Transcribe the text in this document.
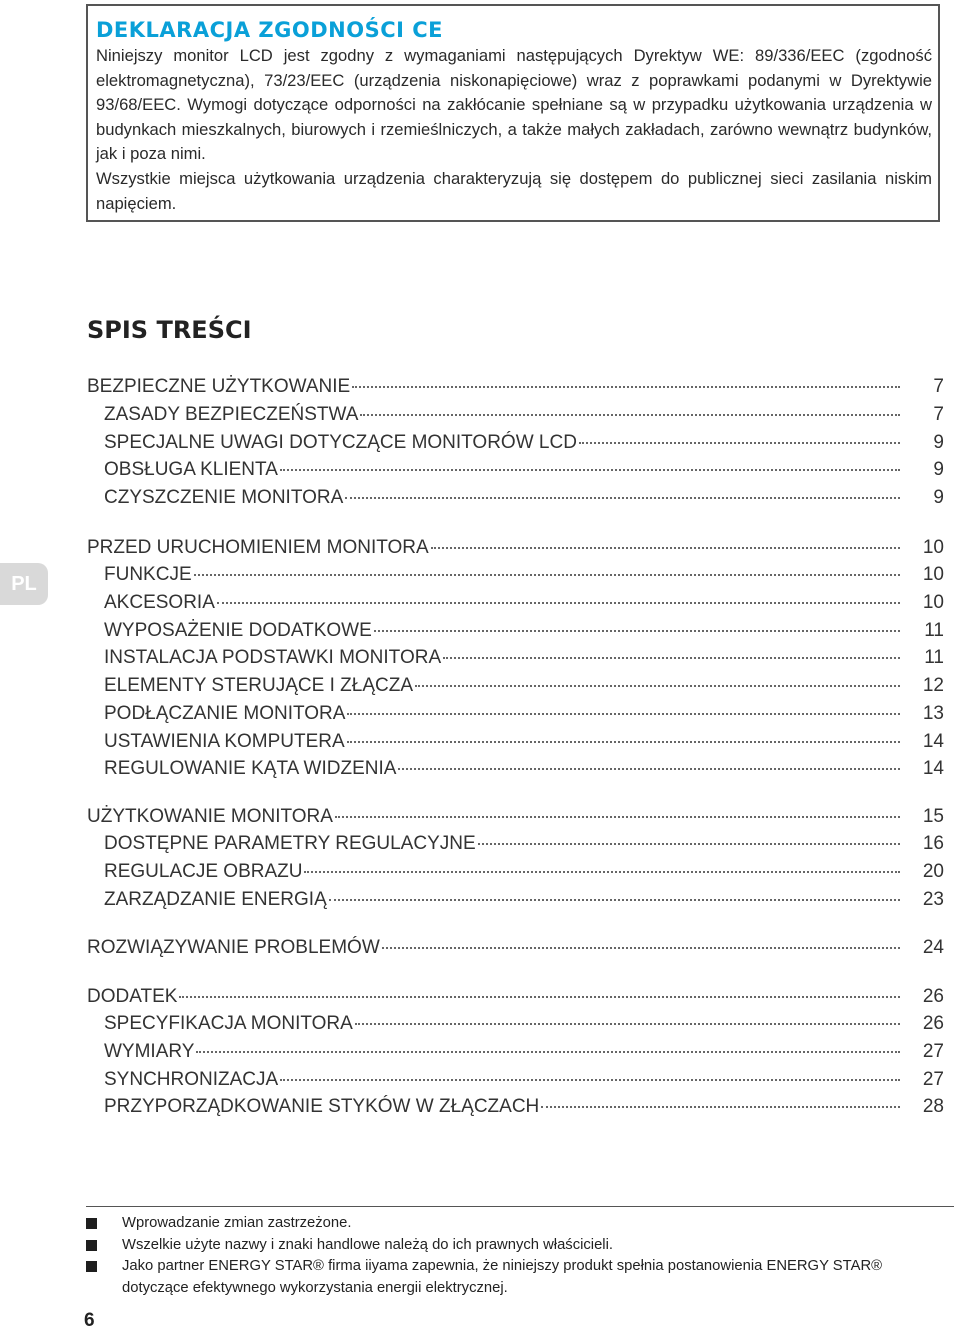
DEKLARACJA ZGODNOŚCI CE

Niniejszy monitor LCD jest zgodny z wymaganiami następujących Dyrektyw WE: 89/336/EEC (zgodność elektromagnetyczna), 73/23/EEC (urządzenia niskonapięciowe) wraz z poprawkami podanymi w Dyrektywie 93/68/EEC. Wymogi dotyczące odporności na zakłócanie spełniane są w przypadku użytkowania urządzenia w budynkach mieszkalnych, biurowych i rzemieślniczych, a także małych zakładach, zarówno wewnątrz budynków, jak i poza nimi.

Wszystkie miejsca użytkowania urządzenia charakteryzują się dostępem do publicznej sieci zasilania niskim napięciem.

SPIS TREŚCI
BEZPIECZNE UŻYTKOWANIE	7
ZASADY BEZPIECZEŃSTWA	7
SPECJALNE UWAGI DOTYCZĄCE MONITORÓW LCD	9
OBSŁUGA KLIENTA	9
CZYSZCZENIE MONITORA	9
PRZED URUCHOMIENIEM MONITORA	10
FUNKCJE	10
AKCESORIA	10
WYPOSAŻENIE DODATKOWE	11
INSTALACJA PODSTAWKI MONITORA	11
ELEMENTY STERUJĄCE I ZŁĄCZA	12
PODŁĄCZANIE MONITORA	13
USTAWIENIA KOMPUTERA	14
REGULOWANIE KĄTA WIDZENIA	14
UŻYTKOWANIE MONITORA	15
DOSTĘPNE PARAMETRY REGULACYJNE	16
REGULACJE OBRAZU	20
ZARZĄDZANIE ENERGIĄ	23
ROZWIĄZYWANIE PROBLEMÓW	24
DODATEK	26
SPECYFIKACJA MONITORA	26
WYMIARY	27
SYNCHRONIZACJA	27
PRZYPORZĄDKOWANIE STYKÓW W ZŁĄCZACH	28
PL
Wprowadzanie zmian zastrzeżone.
Wszelkie użyte nazwy i znaki handlowe należą do ich prawnych właścicieli.
Jako partner ENERGY STAR® firma iiyama zapewnia, że niniejszy produkt spełnia postanowienia ENERGY STAR® dotyczące efektywnego wykorzystania energii elektrycznej.
6
